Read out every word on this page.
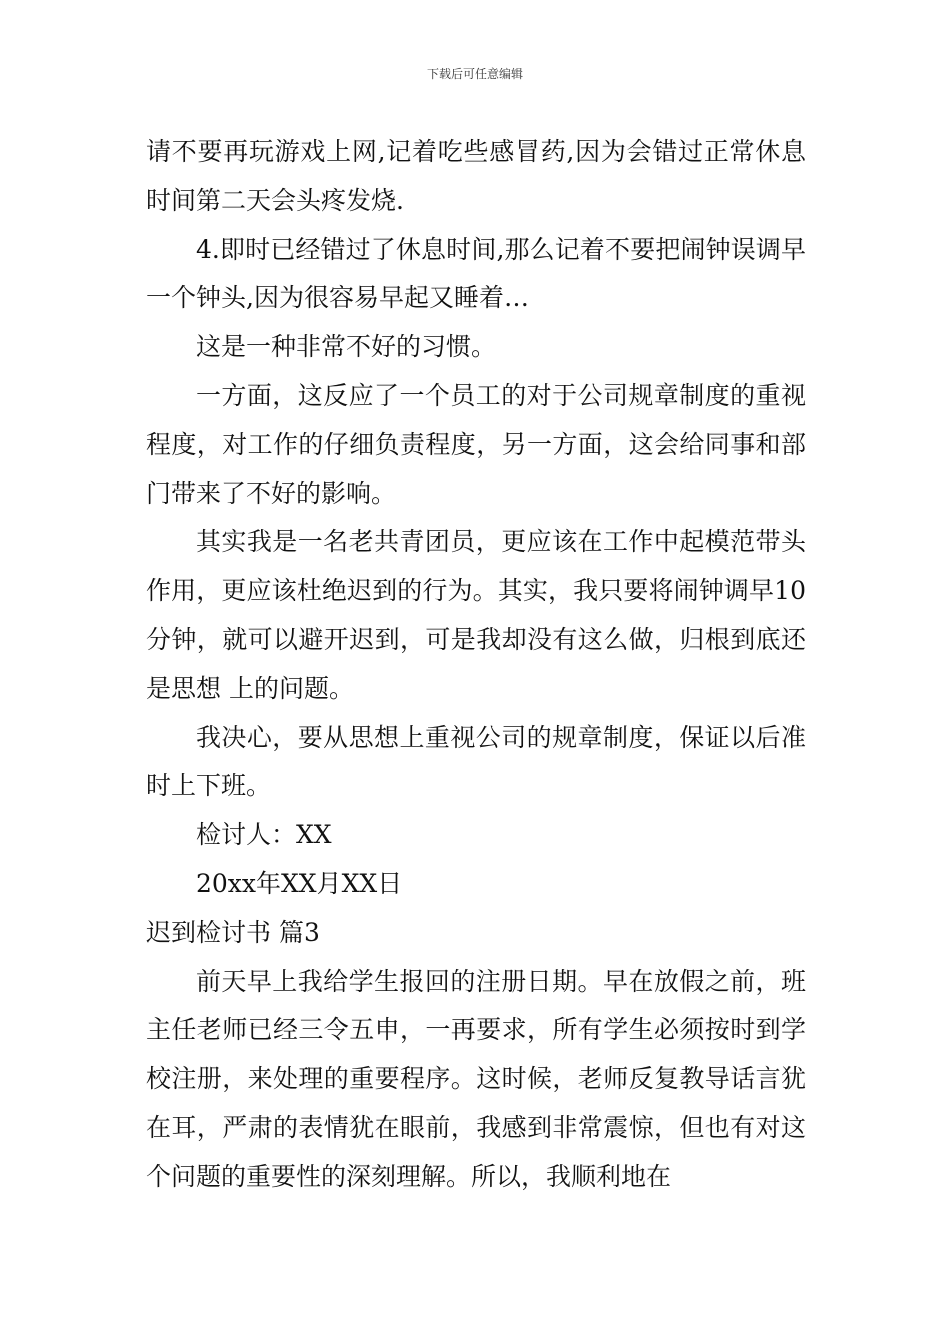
下载后可任意编辑

请不要再玩游戏上网,记着吃些感冒药,因为会错过正常休息时间第二天会头疼发烧.

4.即时已经错过了休息时间,那么记着不要把闹钟误调早一个钟头,因为很容易早起又睡着…

这是一种非常不好的习惯。

一方面，这反应了一个员工的对于公司规章制度的重视程度，对工作的仔细负责程度，另一方面，这会给同事和部门带来了不好的影响。

其实我是一名老共青团员，更应该在工作中起模范带头作用，更应该杜绝迟到的行为。其实，我只要将闹钟调早10分钟，就可以避开迟到，可是我却没有这么做，归根到底还是思想 上的问题。

我决心，要从思想上重视公司的规章制度，保证以后准时上下班。

检讨人：XX

20xx年XX月XX日

迟到检讨书 篇3

前天早上我给学生报回的注册日期。早在放假之前，班主任老师已经三令五申，一再要求，所有学生必须按时到学校注册，来处理的重要程序。这时候，老师反复教导话言犹在耳，严肃的表情犹在眼前，我感到非常震惊，但也有对这个问题的重要性的深刻理解。所以，我顺利地在
